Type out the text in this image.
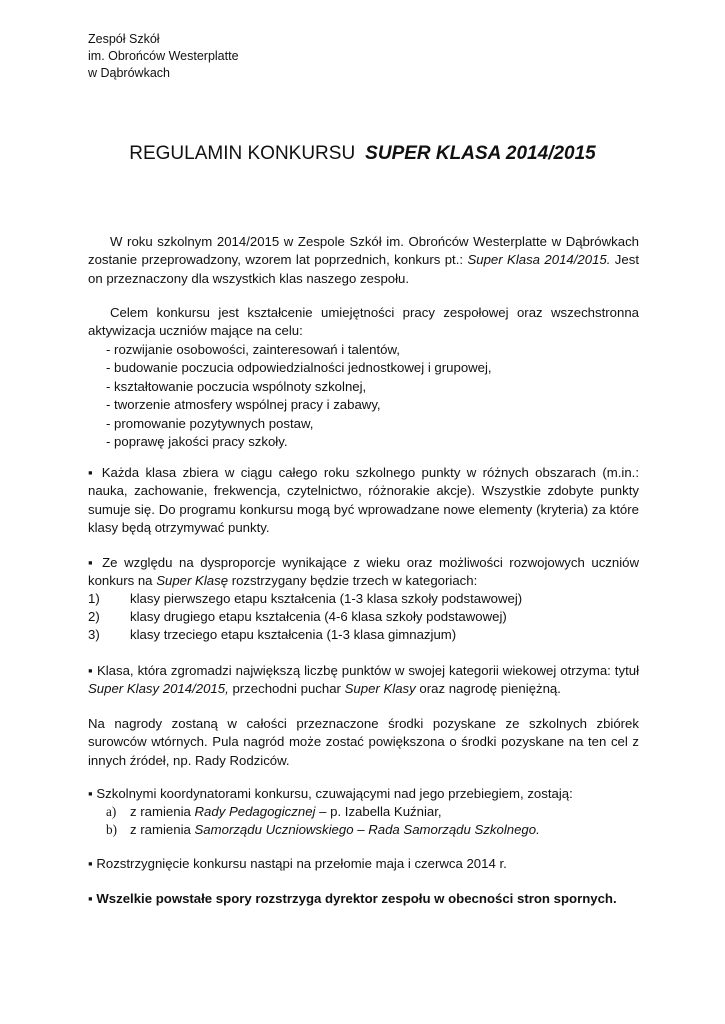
Zespół Szkół
im. Obrońców Westerplatte
w Dąbrówkach
REGULAMIN KONKURSU SUPER KLASA 2014/2015
W roku szkolnym 2014/2015 w Zespole Szkół im. Obrońców Westerplatte w Dąbrówkach zostanie przeprowadzony, wzorem lat poprzednich, konkurs pt.: Super Klasa 2014/2015. Jest on przeznaczony dla wszystkich klas naszego zespołu.
Celem konkursu jest kształcenie umiejętności pracy zespołowej oraz wszechstronna aktywizacja uczniów mające na celu:
- rozwijanie osobowości, zainteresowań i talentów,
- budowanie poczucia odpowiedzialności jednostkowej i grupowej,
- kształtowanie poczucia wspólnoty szkolnej,
- tworzenie atmosfery wspólnej pracy i zabawy,
- promowanie pozytywnych postaw,
- poprawę jakości pracy szkoły.
▪ Każda klasa zbiera w ciągu całego roku szkolnego punkty w różnych obszarach (m.in.: nauka, zachowanie, frekwencja, czytelnictwo, różnorakie akcje). Wszystkie zdobyte punkty sumuje się. Do programu konkursu mogą być wprowadzane nowe elementy (kryteria) za które klasy będą otrzymywać punkty.
▪ Ze względu na dysproporcje wynikające z wieku oraz możliwości rozwojowych uczniów konkurs na Super Klasę rozstrzygany będzie trzech w kategoriach:
1) klasy pierwszego etapu kształcenia (1-3 klasa szkoły podstawowej)
2) klasy drugiego etapu kształcenia (4-6 klasa szkoły podstawowej)
3) klasy trzeciego etapu kształcenia (1-3 klasa gimnazjum)
▪ Klasa, która zgromadzi największą liczbę punktów w swojej kategorii wiekowej otrzyma: tytuł Super Klasy 2014/2015, przechodni puchar Super Klasy oraz nagrodę pieniężną.
Na nagrody zostaną w całości przeznaczone środki pozyskane ze szkolnych zbiórek surowców wtórnych. Pula nagród może zostać powiększona o środki pozyskane na ten cel z innych źródeł, np. Rady Rodziców.
▪ Szkolnymi koordynatorami konkursu, czuwającymi nad jego przebiegiem, zostają:
a) z ramienia Rady Pedagogicznej – p. Izabella Kuźniar,
b) z ramienia Samorządu Uczniowskiego – Rada Samorządu Szkolnego.
▪ Rozstrzygnięcie konkursu nastąpi na przełomie maja i czerwca 2014 r.
▪ Wszelkie powstałe spory rozstrzyga dyrektor zespołu w obecności stron spornych.
